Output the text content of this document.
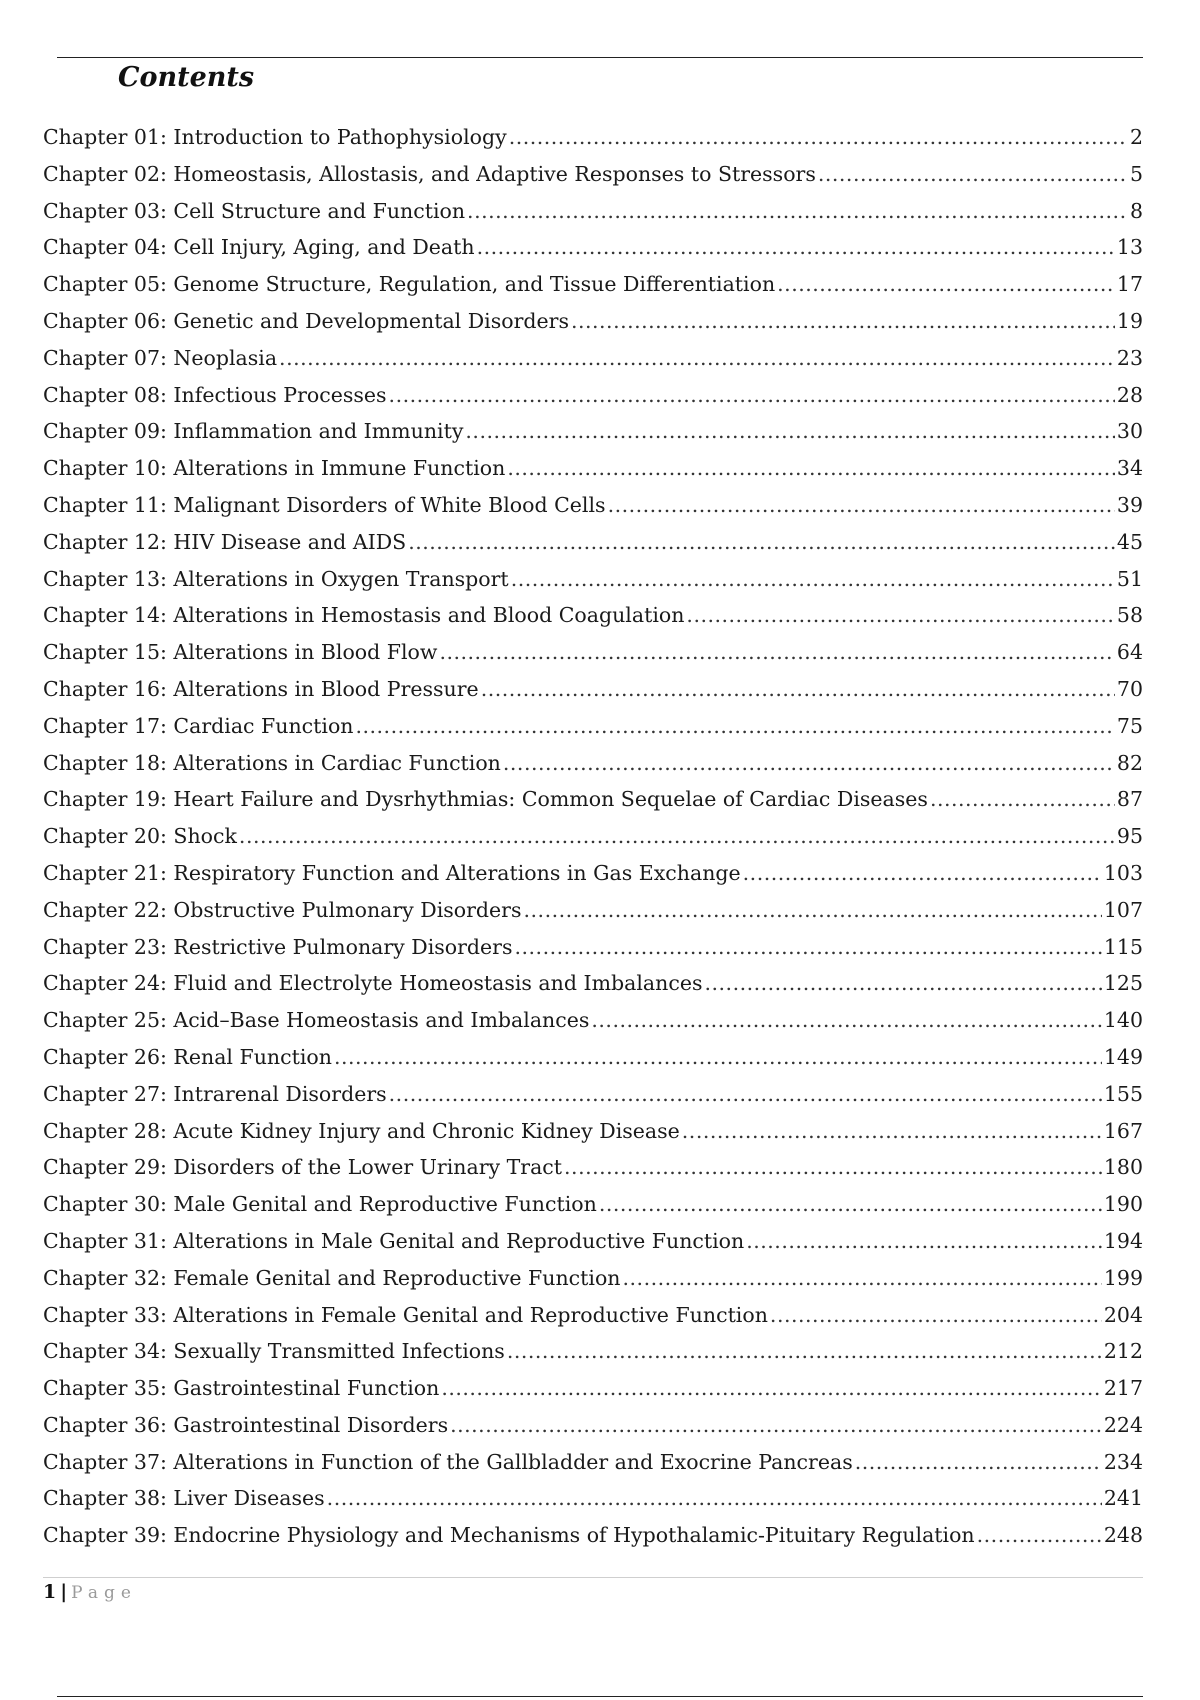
Contents
Chapter 01: Introduction to Pathophysiology .....	2
Chapter 02: Homeostasis, Allostasis, and Adaptive Responses to Stressors .....	5
Chapter 03: Cell Structure and Function .....	8
Chapter 04: Cell Injury, Aging, and Death .....	13
Chapter 05: Genome Structure, Regulation, and Tissue Differentiation .....	17
Chapter 06: Genetic and Developmental Disorders .....	19
Chapter 07: Neoplasia .....	23
Chapter 08: Infectious Processes .....	28
Chapter 09: Inflammation and Immunity .....	30
Chapter 10: Alterations in Immune Function .....	34
Chapter 11: Malignant Disorders of White Blood Cells .....	39
Chapter 12: HIV Disease and AIDS .....	45
Chapter 13: Alterations in Oxygen Transport .....	51
Chapter 14: Alterations in Hemostasis and Blood Coagulation .....	58
Chapter 15: Alterations in Blood Flow .....	64
Chapter 16: Alterations in Blood Pressure .....	70
Chapter 17: Cardiac Function .....	75
Chapter 18: Alterations in Cardiac Function .....	82
Chapter 19: Heart Failure and Dysrhythmias: Common Sequelae of Cardiac Diseases .....	87
Chapter 20: Shock .....	95
Chapter 21: Respiratory Function and Alterations in Gas Exchange .....	103
Chapter 22: Obstructive Pulmonary Disorders .....	107
Chapter 23: Restrictive Pulmonary Disorders .....	115
Chapter 24: Fluid and Electrolyte Homeostasis and Imbalances .....	125
Chapter 25: Acid–Base Homeostasis and Imbalances .....	140
Chapter 26: Renal Function .....	149
Chapter 27: Intrarenal Disorders .....	155
Chapter 28: Acute Kidney Injury and Chronic Kidney Disease .....	167
Chapter 29: Disorders of the Lower Urinary Tract .....	180
Chapter 30: Male Genital and Reproductive Function .....	190
Chapter 31: Alterations in Male Genital and Reproductive Function .....	194
Chapter 32: Female Genital and Reproductive Function .....	199
Chapter 33: Alterations in Female Genital and Reproductive Function .....	204
Chapter 34: Sexually Transmitted Infections .....	212
Chapter 35: Gastrointestinal Function .....	217
Chapter 36: Gastrointestinal Disorders .....	224
Chapter 37: Alterations in Function of the Gallbladder and Exocrine Pancreas .....	234
Chapter 38: Liver Diseases .....	241
Chapter 39: Endocrine Physiology and Mechanisms of Hypothalamic-Pituitary Regulation .....	248
1 | Page
